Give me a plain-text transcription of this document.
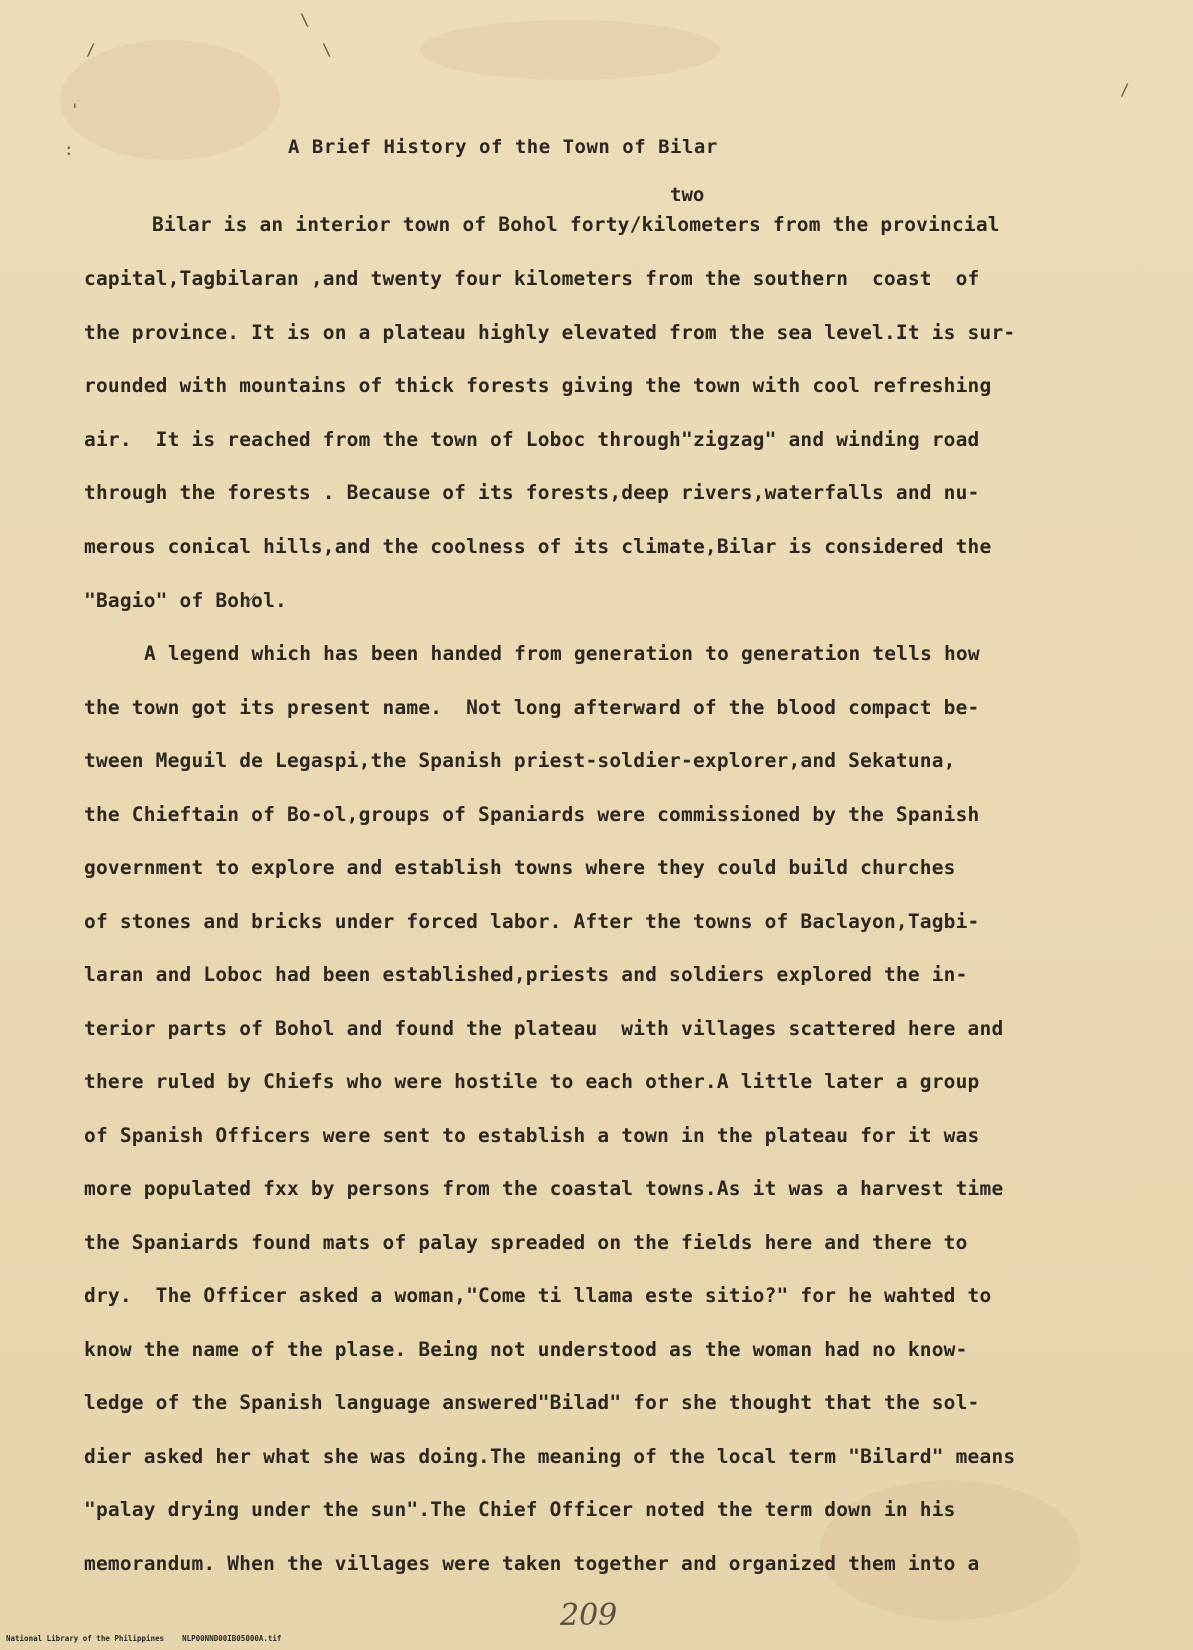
/
'
:
\
\
/
A Brief History of the Town of Bilar
two
Bilar is an interior town of Bohol forty/kilometers from the provincial
capital,Tagbilaran ,and twenty four kilometers from the southern  coast  of
the province. It is on a plateau highly elevated from the sea level.It is sur-
rounded with mountains of thick forests giving the town with cool refreshing
air.  It is reached from the town of Loboc through"zigzag" and winding road
through the forests . Because of its forests,deep rivers,waterfalls and nu-
merous conical hills,and the coolness of its climate,Bilar is considered the
"Bagio" of Bohol.
A legend which has been handed from generation to generation tells how
the town got its present name.  Not long afterward of the blood compact be-
tween Meguil de Legaspi,the Spanish priest-soldier-explorer,and Sekatuna,
the Chieftain of Bo-ol,groups of Spaniards were commissioned by the Spanish
government to explore and establish towns where they could build churches
of stones and bricks under forced labor. After the towns of Baclayon,Tagbi-
laran and Loboc had been established,priests and soldiers explored the in-
terior parts of Bohol and found the plateau  with villages scattered here and
there ruled by Chiefs who were hostile to each other.A little later a group
of Spanish Officers were sent to establish a town in the plateau for it was
more populated fxx by persons from the coastal towns.As it was a harvest time
the Spaniards found mats of palay spreaded on the fields here and there to
dry.  The Officer asked a woman,"Come ti llama este sitio?" for he wahted to
know the name of the plase. Being not understood as the woman had no know-
ledge of the Spanish language answered"Bilad" for she thought that the sol-
dier asked her what she was doing.The meaning of the local term "Bilard" means
"palay drying under the sun".The Chief Officer noted the term down in his
memorandum. When the villages were taken together and organized them into a
209
National Library of the Philippines    NLP00NND00IB05000A.tif
